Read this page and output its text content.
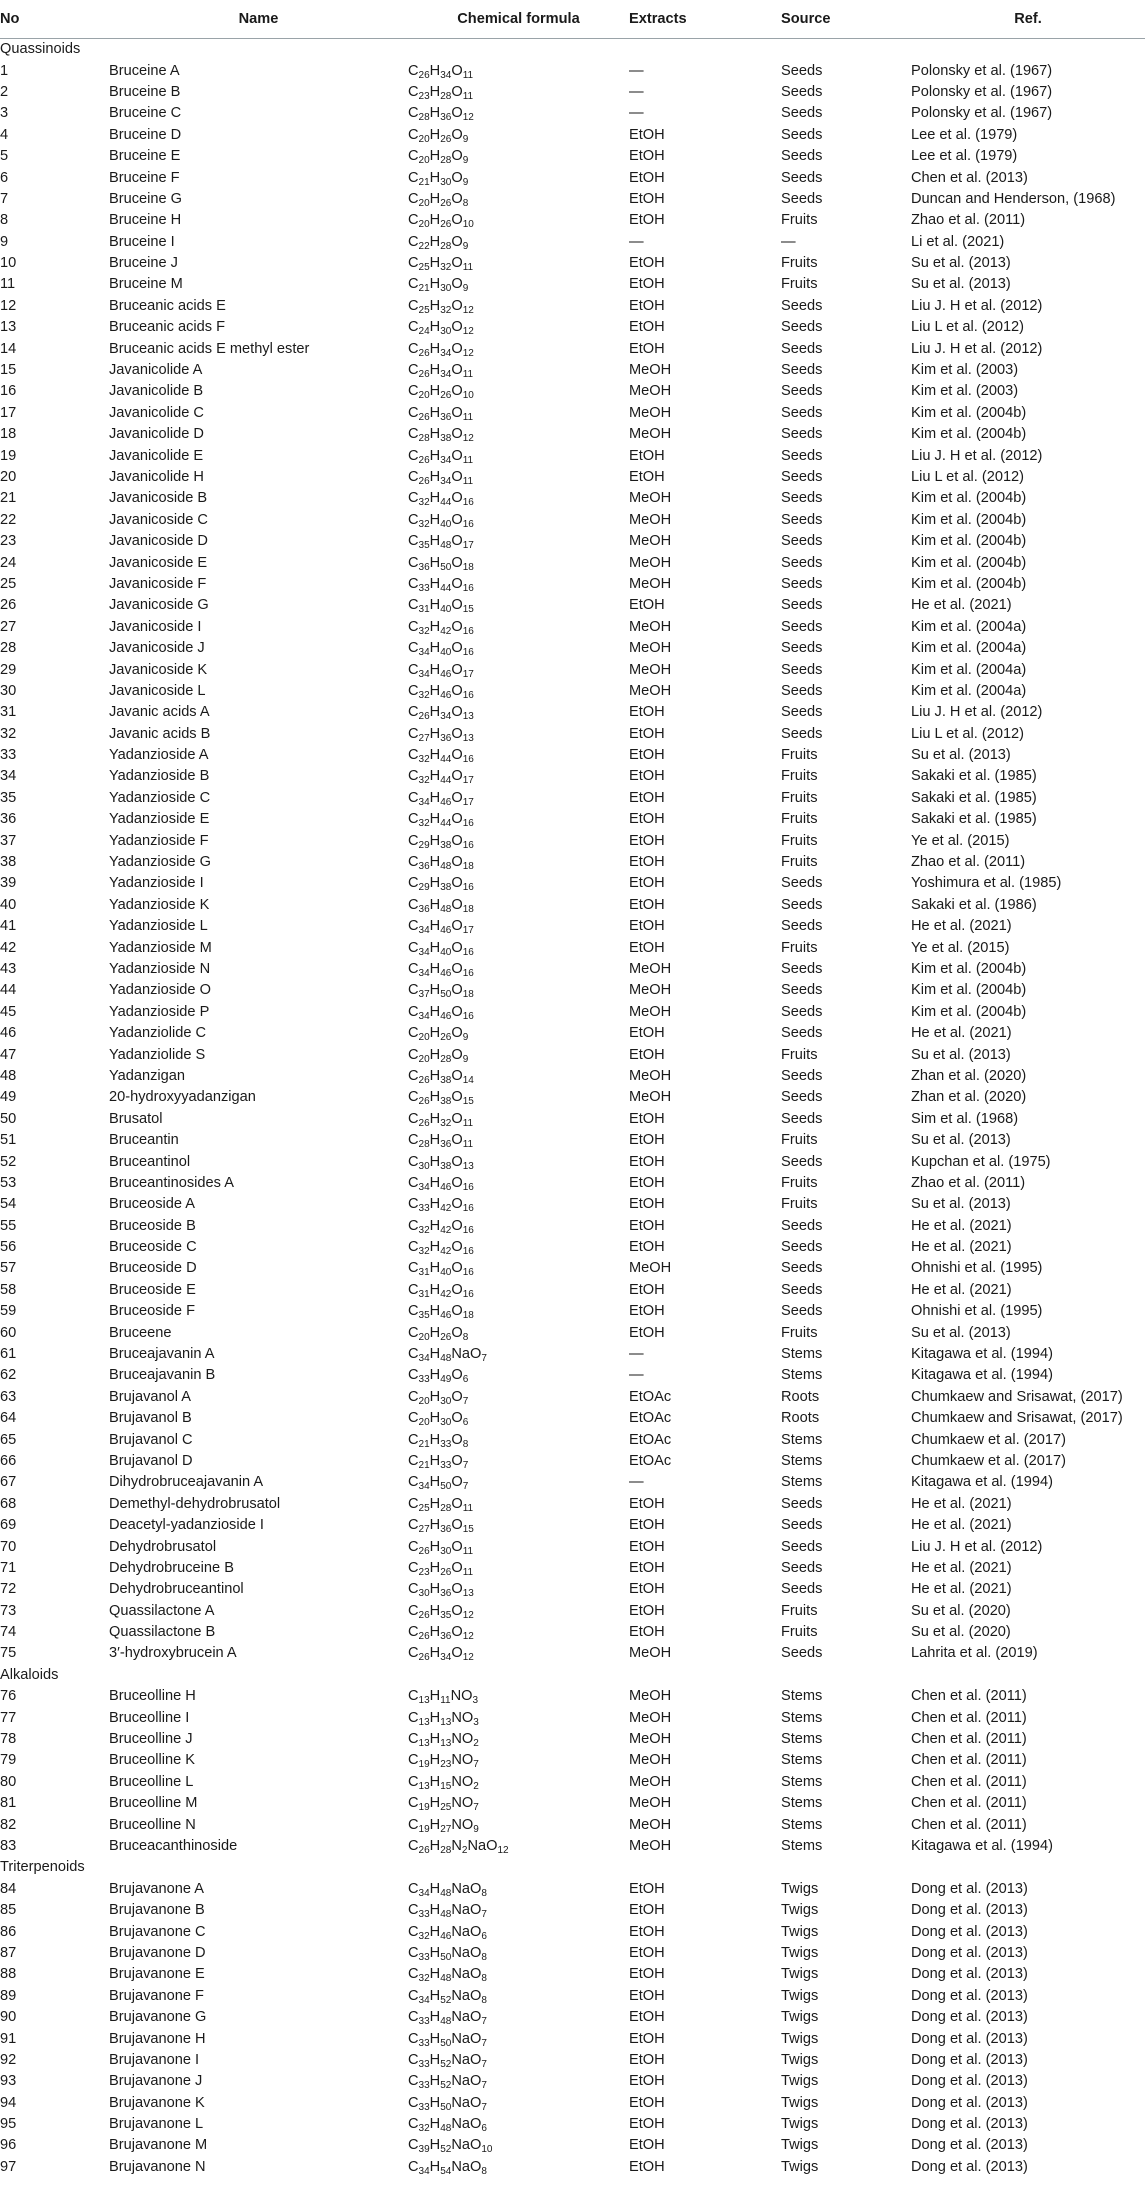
No	Name	Chemical formula	Extracts	Source	Ref.
Quassinoids					
1	Bruceine A	$C_{26}H_{34}O_{11}$	—	Seeds	Polonsky et al. (1967)
2	Bruceine B	$C_{23}H_{28}O_{11}$	—	Seeds	Polonsky et al. (1967)
3	Bruceine C	$C_{28}H_{36}O_{12}$	—	Seeds	Polonsky et al. (1967)
4	Bruceine D	$C_{20}H_{26}O_9$	EtOH	Seeds	Lee et al. (1979)
5	Bruceine E	$C_{20}H_{28}O_9$	EtOH	Seeds	Lee et al. (1979)
6	Bruceine F	$C_{21}H_{30}O_9$	EtOH	Seeds	Chen et al. (2013)
7	Bruceine G	$C_{20}H_{26}O_8$	EtOH	Seeds	Duncan and Henderson, (1968)
8	Bruceine H	$C_{20}H_{26}O_{10}$	EtOH	Fruits	Zhao et al. (2011)
9	Bruceine I	$C_{22}H_{28}O_9$	—	—	Li et al. (2021)
10	Bruceine J	$C_{25}H_{32}O_{11}$	EtOH	Fruits	Su et al. (2013)
11	Bruceine M	$C_{21}H_{30}O_9$	EtOH	Fruits	Su et al. (2013)
12	Bruceanic acids E	$C_{25}H_{32}O_{12}$	EtOH	Seeds	Liu J. H et al. (2012)
13	Bruceanic acids F	$C_{24}H_{30}O_{12}$	EtOH	Seeds	Liu L et al. (2012)
14	Bruceanic acids E methyl ester	$C_{26}H_{34}O_{12}$	EtOH	Seeds	Liu J. H et al. (2012)
15	Javanicolide A	$C_{26}H_{34}O_{11}$	MeOH	Seeds	Kim et al. (2003)
16	Javanicolide B	$C_{20}H_{26}O_{10}$	MeOH	Seeds	Kim et al. (2003)
17	Javanicolide C	$C_{26}H_{36}O_{11}$	MeOH	Seeds	Kim et al. (2004b)
18	Javanicolide D	$C_{28}H_{38}O_{12}$	MeOH	Seeds	Kim et al. (2004b)
19	Javanicolide E	$C_{26}H_{34}O_{11}$	EtOH	Seeds	Liu J. H et al. (2012)
20	Javanicolide H	$C_{26}H_{34}O_{11}$	EtOH	Seeds	Liu L et al. (2012)
21	Javanicoside B	$C_{32}H_{44}O_{16}$	MeOH	Seeds	Kim et al. (2004b)
22	Javanicoside C	$C_{32}H_{40}O_{16}$	MeOH	Seeds	Kim et al. (2004b)
23	Javanicoside D	$C_{35}H_{48}O_{17}$	MeOH	Seeds	Kim et al. (2004b)
24	Javanicoside E	$C_{36}H_{50}O_{18}$	MeOH	Seeds	Kim et al. (2004b)
25	Javanicoside F	$C_{33}H_{44}O_{16}$	MeOH	Seeds	Kim et al. (2004b)
26	Javanicoside G	$C_{31}H_{40}O_{15}$	EtOH	Seeds	He et al. (2021)
27	Javanicoside I	$C_{32}H_{42}O_{16}$	MeOH	Seeds	Kim et al. (2004a)
28	Javanicoside J	$C_{34}H_{40}O_{16}$	MeOH	Seeds	Kim et al. (2004a)
29	Javanicoside K	$C_{34}H_{46}O_{17}$	MeOH	Seeds	Kim et al. (2004a)
30	Javanicoside L	$C_{32}H_{46}O_{16}$	MeOH	Seeds	Kim et al. (2004a)
31	Javanic acids A	$C_{26}H_{34}O_{13}$	EtOH	Seeds	Liu J. H et al. (2012)
32	Javanic acids B	$C_{27}H_{36}O_{13}$	EtOH	Seeds	Liu L et al. (2012)
33	Yadanzioside A	$C_{32}H_{44}O_{16}$	EtOH	Fruits	Su et al. (2013)
34	Yadanzioside B	$C_{32}H_{44}O_{17}$	EtOH	Fruits	Sakaki et al. (1985)
35	Yadanzioside C	$C_{34}H_{46}O_{17}$	EtOH	Fruits	Sakaki et al. (1985)
36	Yadanzioside E	$C_{32}H_{44}O_{16}$	EtOH	Fruits	Sakaki et al. (1985)
37	Yadanzioside F	$C_{29}H_{38}O_{16}$	EtOH	Fruits	Ye et al. (2015)
38	Yadanzioside G	$C_{36}H_{48}O_{18}$	EtOH	Fruits	Zhao et al. (2011)
39	Yadanzioside I	$C_{29}H_{38}O_{16}$	EtOH	Seeds	Yoshimura et al. (1985)
40	Yadanzioside K	$C_{36}H_{48}O_{18}$	EtOH	Seeds	Sakaki et al. (1986)
41	Yadanzioside L	$C_{34}H_{46}O_{17}$	EtOH	Seeds	He et al. (2021)
42	Yadanzioside M	$C_{34}H_{40}O_{16}$	EtOH	Fruits	Ye et al. (2015)
43	Yadanzioside N	$C_{34}H_{46}O_{16}$	MeOH	Seeds	Kim et al. (2004b)
44	Yadanzioside O	$C_{37}H_{50}O_{18}$	MeOH	Seeds	Kim et al. (2004b)
45	Yadanzioside P	$C_{34}H_{46}O_{16}$	MeOH	Seeds	Kim et al. (2004b)
46	Yadanziolide C	$C_{20}H_{26}O_9$	EtOH	Seeds	He et al. (2021)
47	Yadanziolide S	$C_{20}H_{28}O_9$	EtOH	Fruits	Su et al. (2013)
48	Yadanzigan	$C_{26}H_{38}O_{14}$	MeOH	Seeds	Zhan et al. (2020)
49	20-hydroxyyadanzigan	$C_{26}H_{38}O_{15}$	MeOH	Seeds	Zhan et al. (2020)
50	Brusatol	$C_{26}H_{32}O_{11}$	EtOH	Seeds	Sim et al. (1968)
51	Bruceantin	$C_{28}H_{36}O_{11}$	EtOH	Fruits	Su et al. (2013)
52	Bruceantinol	$C_{30}H_{38}O_{13}$	EtOH	Seeds	Kupchan et al. (1975)
53	Bruceantinosides A	$C_{34}H_{46}O_{16}$	EtOH	Fruits	Zhao et al. (2011)
54	Bruceoside A	$C_{33}H_{42}O_{16}$	EtOH	Fruits	Su et al. (2013)
55	Bruceoside B	$C_{32}H_{42}O_{16}$	EtOH	Seeds	He et al. (2021)
56	Bruceoside C	$C_{32}H_{42}O_{16}$	EtOH	Seeds	He et al. (2021)
57	Bruceoside D	$C_{31}H_{40}O_{16}$	MeOH	Seeds	Ohnishi et al. (1995)
58	Bruceoside E	$C_{31}H_{42}O_{16}$	EtOH	Seeds	He et al. (2021)
59	Bruceoside F	$C_{35}H_{46}O_{18}$	EtOH	Seeds	Ohnishi et al. (1995)
60	Bruceene	$C_{20}H_{26}O_8$	EtOH	Fruits	Su et al. (2013)
61	Bruceajavanin A	$C_{34}H_{48}NaO_7$	—	Stems	Kitagawa et al. (1994)
62	Bruceajavanin B	$C_{33}H_{49}O_6$	—	Stems	Kitagawa et al. (1994)
63	Brujavanol A	$C_{20}H_{30}O_7$	EtOAc	Roots	Chumkaew and Srisawat, (2017)
64	Brujavanol B	$C_{20}H_{30}O_6$	EtOAc	Roots	Chumkaew and Srisawat, (2017)
65	Brujavanol C	$C_{21}H_{33}O_8$	EtOAc	Stems	Chumkaew et al. (2017)
66	Brujavanol D	$C_{21}H_{33}O_7$	EtOAc	Stems	Chumkaew et al. (2017)
67	Dihydrobruceajavanin A	$C_{34}H_{50}O_7$	—	Stems	Kitagawa et al. (1994)
68	Demethyl-dehydrobrusatol	$C_{25}H_{28}O_{11}$	EtOH	Seeds	He et al. (2021)
69	Deacetyl-yadanzioside I	$C_{27}H_{36}O_{15}$	EtOH	Seeds	He et al. (2021)
70	Dehydrobrusatol	$C_{26}H_{30}O_{11}$	EtOH	Seeds	Liu J. H et al. (2012)
71	Dehydrobruceine B	$C_{23}H_{26}O_{11}$	EtOH	Seeds	He et al. (2021)
72	Dehydrobruceantinol	$C_{30}H_{36}O_{13}$	EtOH	Seeds	He et al. (2021)
73	Quassilactone A	$C_{26}H_{35}O_{12}$	EtOH	Fruits	Su et al. (2020)
74	Quassilactone B	$C_{26}H_{36}O_{12}$	EtOH	Fruits	Su et al. (2020)
75	3′-hydroxybrucein A	$C_{26}H_{34}O_{12}$	MeOH	Seeds	Lahrita et al. (2019)
Alkaloids					
76	Bruceolline H	$C_{13}H_{11}NO_3$	MeOH	Stems	Chen et al. (2011)
77	Bruceolline I	$C_{13}H_{13}NO_3$	MeOH	Stems	Chen et al. (2011)
78	Bruceolline J	$C_{13}H_{13}NO_2$	MeOH	Stems	Chen et al. (2011)
79	Bruceolline K	$C_{19}H_{23}NO_7$	MeOH	Stems	Chen et al. (2011)
80	Bruceolline L	$C_{13}H_{15}NO_2$	MeOH	Stems	Chen et al. (2011)
81	Bruceolline M	$C_{19}H_{25}NO_7$	MeOH	Stems	Chen et al. (2011)
82	Bruceolline N	$C_{19}H_{27}NO_9$	MeOH	Stems	Chen et al. (2011)
83	Bruceacanthinoside	$C_{26}H_{28}N_2NaO_{12}$	MeOH	Stems	Kitagawa et al. (1994)
Triterpenoids					
84	Brujavanone A	$C_{34}H_{48}NaO_8$	EtOH	Twigs	Dong et al. (2013)
85	Brujavanone B	$C_{33}H_{48}NaO_7$	EtOH	Twigs	Dong et al. (2013)
86	Brujavanone C	$C_{32}H_{46}NaO_6$	EtOH	Twigs	Dong et al. (2013)
87	Brujavanone D	$C_{33}H_{50}NaO_8$	EtOH	Twigs	Dong et al. (2013)
88	Brujavanone E	$C_{32}H_{48}NaO_8$	EtOH	Twigs	Dong et al. (2013)
89	Brujavanone F	$C_{34}H_{52}NaO_8$	EtOH	Twigs	Dong et al. (2013)
90	Brujavanone G	$C_{33}H_{48}NaO_7$	EtOH	Twigs	Dong et al. (2013)
91	Brujavanone H	$C_{33}H_{50}NaO_7$	EtOH	Twigs	Dong et al. (2013)
92	Brujavanone I	$C_{33}H_{52}NaO_7$	EtOH	Twigs	Dong et al. (2013)
93	Brujavanone J	$C_{33}H_{52}NaO_7$	EtOH	Twigs	Dong et al. (2013)
94	Brujavanone K	$C_{33}H_{50}NaO_7$	EtOH	Twigs	Dong et al. (2013)
95	Brujavanone L	$C_{32}H_{48}NaO_6$	EtOH	Twigs	Dong et al. (2013)
96	Brujavanone M	$C_{39}H_{52}NaO_{10}$	EtOH	Twigs	Dong et al. (2013)
97	Brujavanone N	$C_{34}H_{54}NaO_8$	EtOH	Twigs	Dong et al. (2013)
